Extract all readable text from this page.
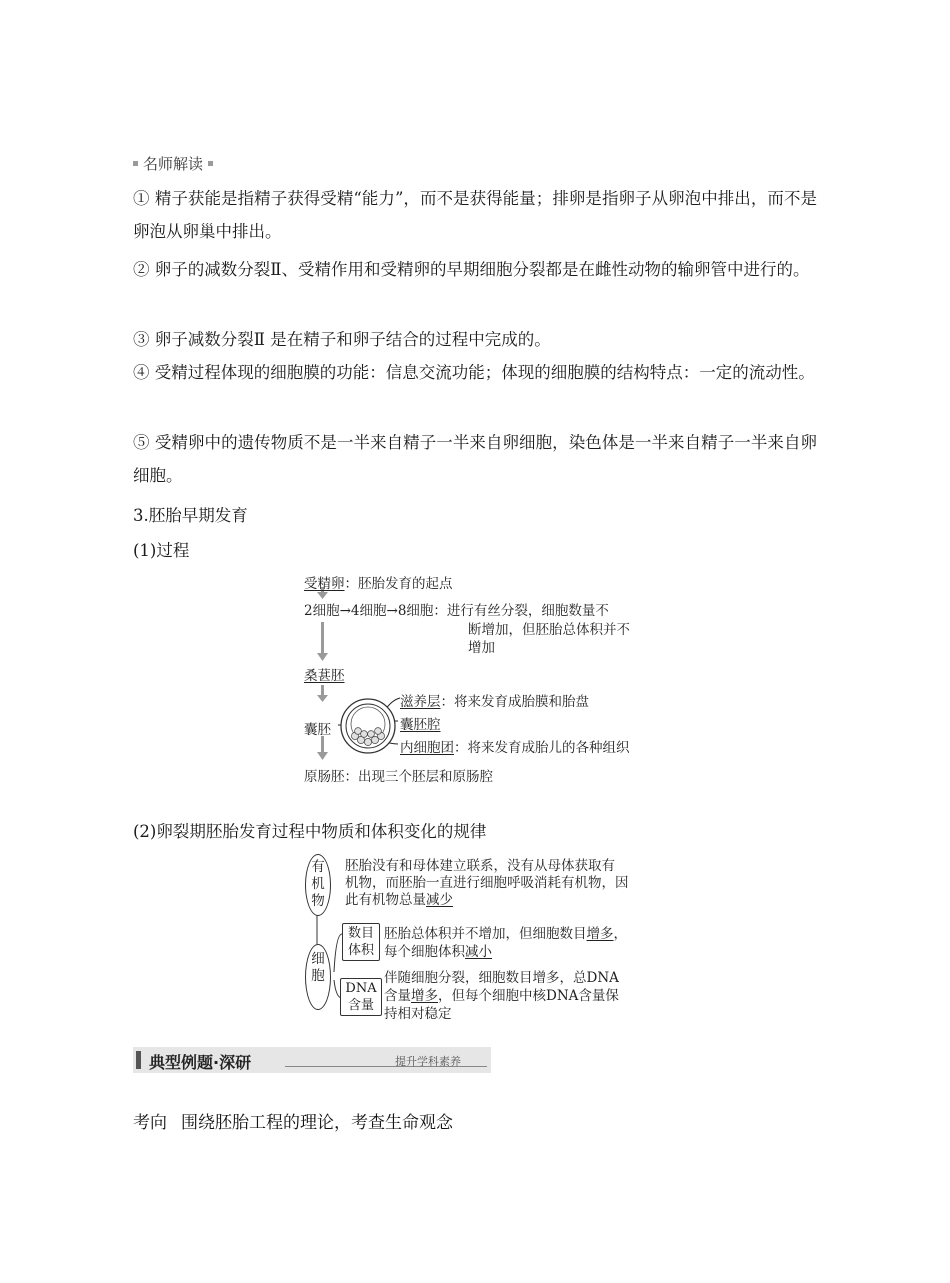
名师解读
① 精子获能是指精子获得受精“能力”，而不是获得能量；排卵是指卵子从卵泡中排出，而不是卵泡从卵巢中排出。
② 卵子的减数分裂Ⅱ、受精作用和受精卵的早期细胞分裂都是在雌性动物的输卵管中进行的。
③ 卵子减数分裂Ⅱ 是在精子和卵子结合的过程中完成的。
④ 受精过程体现的细胞膜的功能：信息交流功能；体现的细胞膜的结构特点：一定的流动性。
⑤ 受精卵中的遗传物质不是一半来自精子一半来自卵细胞，染色体是一半来自精子一半来自卵细胞。
3.胚胎早期发育
(1)过程
受精卵：胚胎发育的起点
2细胞→4细胞→8细胞：进行有丝分裂，细胞数量不
断增加，但胚胎总体积并不
增加
桑葚胚
囊胚
滋养层：将来发育成胎膜和胎盘
囊胚腔
内细胞团：将来发育成胎儿的各种组织
原肠胚：出现三个胚层和原肠腔
(2)卵裂期胚胎发育过程中物质和体积变化的规律
有机物
胚胎没有和母体建立联系，没有从母体获取有
机物，而胚胎一直进行细胞呼吸消耗有机物，因
此有机物总量减少
细胞
数目体积
胚胎总体积并不增加，但细胞数目增多，
每个细胞体积减小
DNA含量
伴随细胞分裂，细胞数目增多，总DNA
含量增多，但每个细胞中核DNA含量保
持相对稳定
典型例题·深研	提升学科素养
考向 围绕胚胎工程的理论，考查生命观念
